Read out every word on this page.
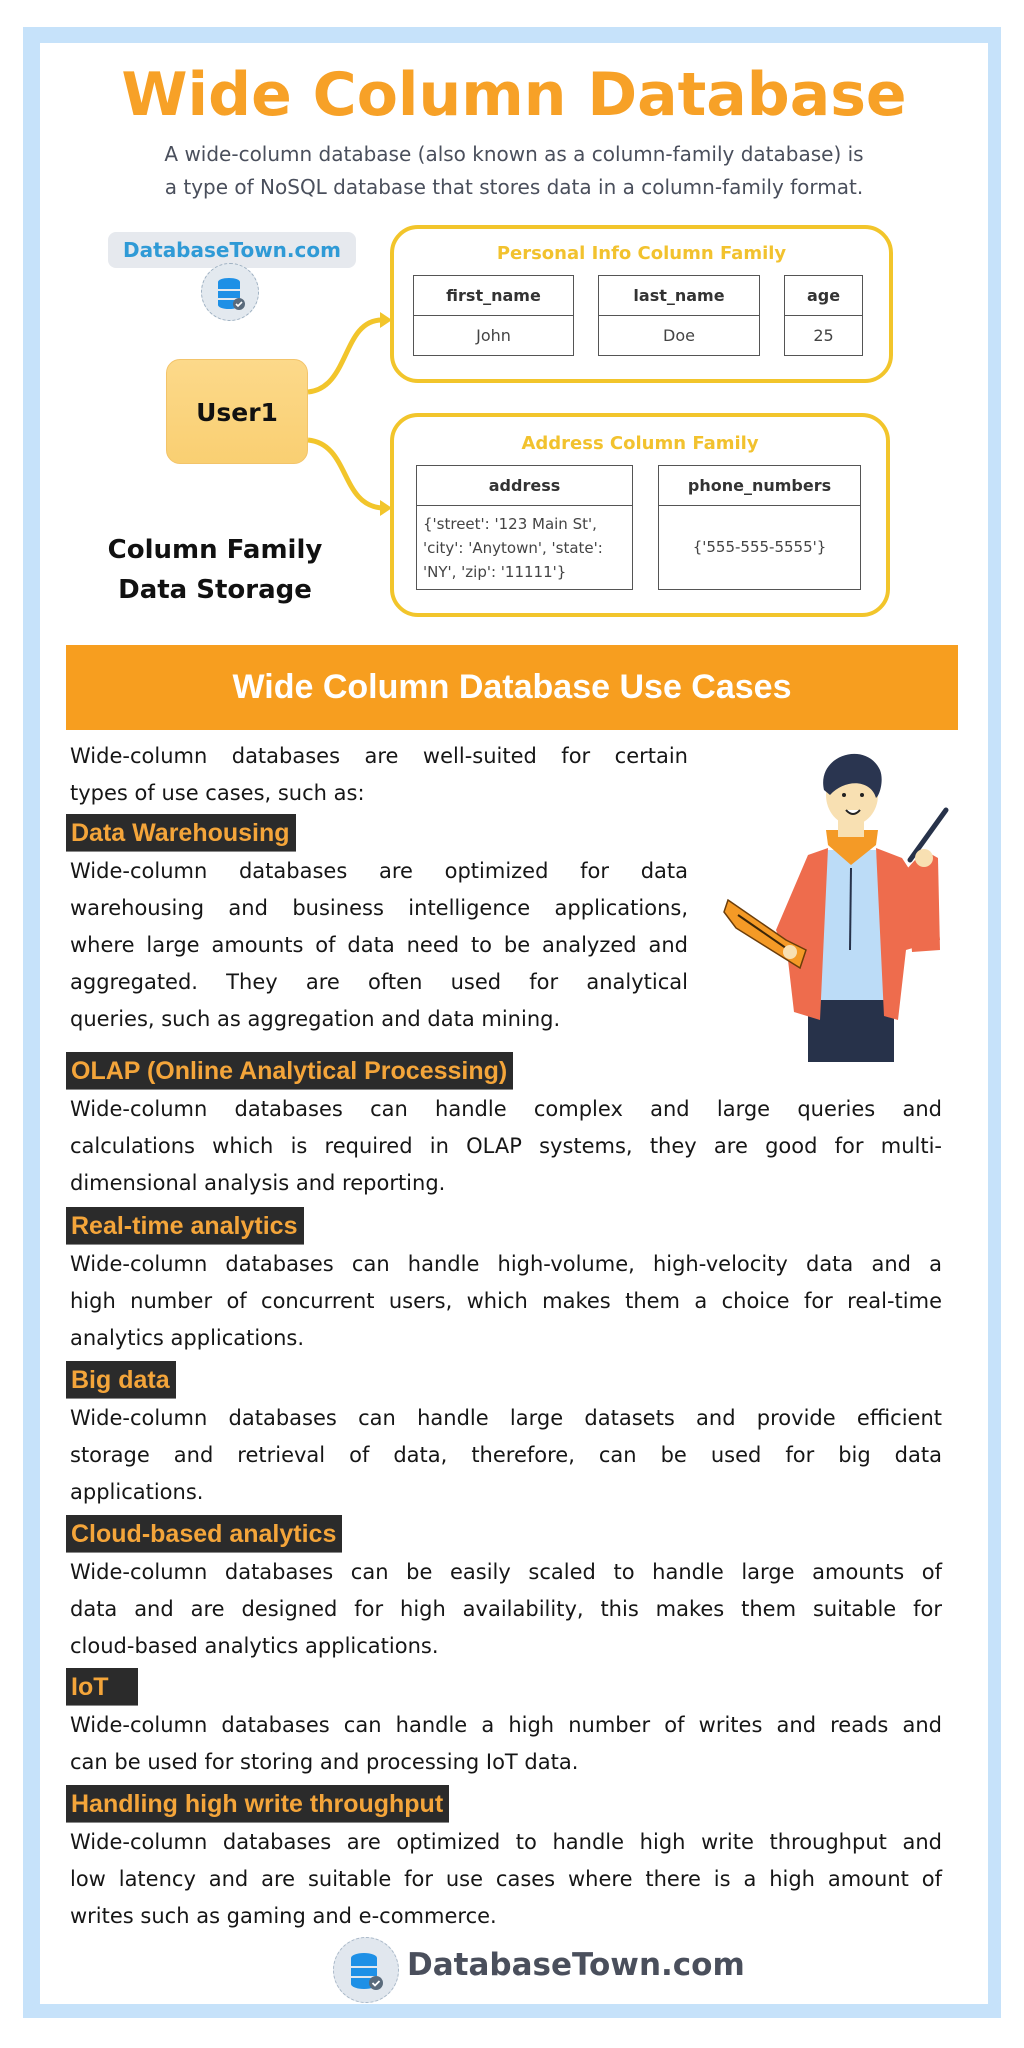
Wide Column Database
A wide-column database (also known as a column-family database) is
a type of NoSQL database that stores data in a column-family format.
DatabaseTown.com
User1
Personal Info Column Family
first_name
John
last_name
Doe
age
25
Address Column Family
address
{'street': '123 Main St',
'city': 'Anytown', 'state':
'NY', 'zip': '11111'}
phone_numbers
{'555-555-5555'}
Column Family
Data Storage
Wide Column Database Use Cases
Wide-column databases are well-suited for certain
types of use cases, such as:
Data Warehousing
Wide-column databases are optimized for data
warehousing and business intelligence applications,
where large amounts of data need to be analyzed and
aggregated. They are often used for analytical
queries, such as aggregation and data mining.
OLAP (Online Analytical Processing)
Wide-column databases can handle complex and large queries and
calculations which is required in OLAP systems, they are good for multi-
dimensional analysis and reporting.
Real-time analytics
Wide-column databases can handle high-volume, high-velocity data and a
high number of concurrent users, which makes them a choice for real-time
analytics applications.
Big data
Wide-column databases can handle large datasets and provide efficient
storage and retrieval of data, therefore, can be used for big data
applications.
Cloud-based analytics
Wide-column databases can be easily scaled to handle large amounts of
data and are designed for high availability, this makes them suitable for
cloud-based analytics applications.
IoT
Wide-column databases can handle a high number of writes and reads and
can be used for storing and processing IoT data.
Handling high write throughput
Wide-column databases are optimized to handle high write throughput and
low latency and are suitable for use cases where there is a high amount of
writes such as gaming and e-commerce.
DatabaseTown.com
